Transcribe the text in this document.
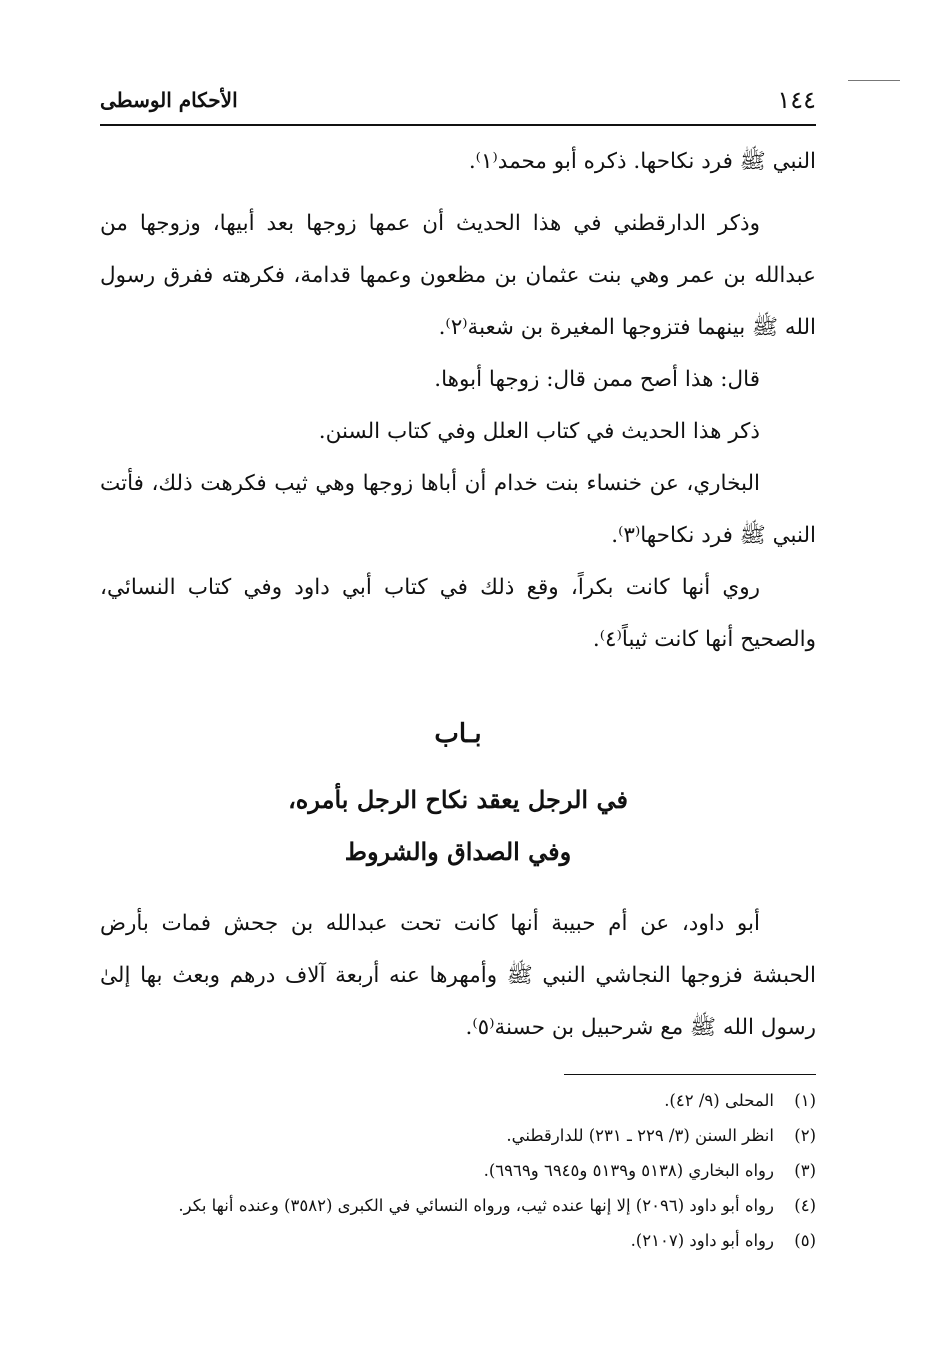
الأحكام الوسطى	١٤٤

النبي ﷺ فرد نكاحها. ذكره أبو محمد⁽١⁾.

وذكر الدارقطني في هذا الحديث أن عمها زوجها بعد أبيها، وزوجها من عبدالله بن عمر وهي بنت عثمان بن مظعون وعمها قدامة، فكرهته ففرق رسول الله ﷺ بينهما فتزوجها المغيرة بن شعبة⁽٢⁾.

قال: هذا أصح ممن قال: زوجها أبوها.

ذكر هذا الحديث في كتاب العلل وفي كتاب السنن.

البخاري، عن خنساء بنت خدام أن أباها زوجها وهي ثيب فكرهت ذلك، فأتت النبي ﷺ فرد نكاحها⁽٣⁾.

روي أنها كانت بكراً، وقع ذلك في كتاب أبي داود وفي كتاب النسائي، والصحيح أنها كانت ثيباً⁽٤⁾.

بـاب
في الرجل يعقد نكاح الرجل بأمره،
وفي الصداق والشروط

أبو داود، عن أم حبيبة أنها كانت تحت عبدالله بن جحش فمات بأرض الحبشة فزوجها النجاشي النبي ﷺ وأمهرها عنه أربعة آلاف درهم وبعث بها إلىٰ رسول الله ﷺ مع شرحبيل بن حسنة⁽٥⁾.

(١)
المحلى (٩/ ٤٢).
(٢)
انظر السنن (٣/ ٢٢٩ ـ ٢٣١) للدارقطني.
(٣)
رواه البخاري (٥١٣٨ و٥١٣٩ و٦٩٤٥ و٦٩٦٩).
(٤)
رواه أبو داود (٢٠٩٦) إلا إنها عنده ثيب، ورواه النسائي في الكبرى (٣٥٨٢) وعنده أنها بكر.
(٥)
رواه أبو داود (٢١٠٧).
